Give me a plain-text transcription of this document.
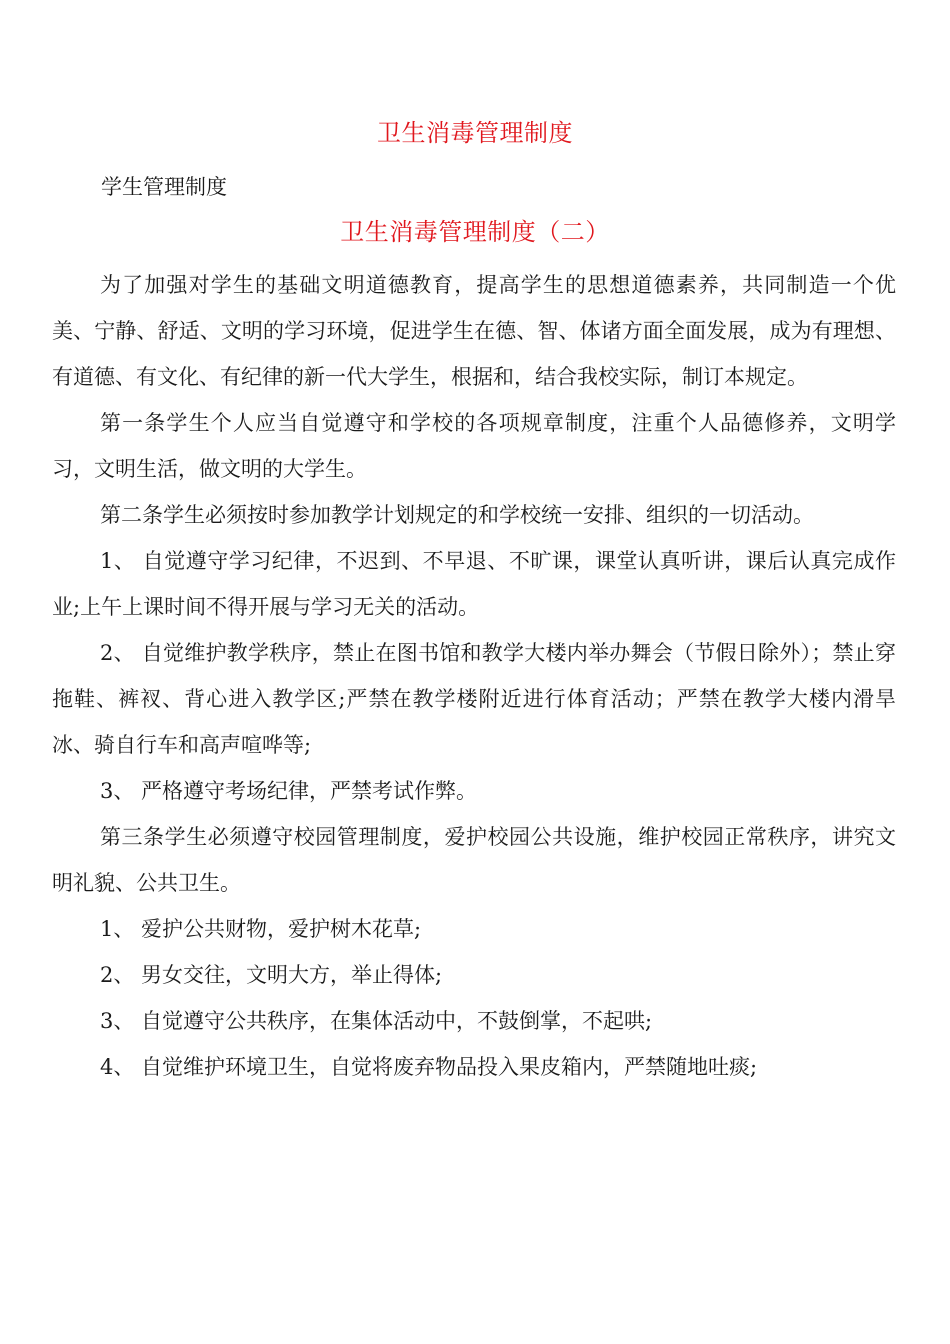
卫生消毒管理制度
学生管理制度
卫生消毒管理制度（二）

为了加强对学生的基础文明道德教育，提高学生的思想道德素养，共同制造一个优美、宁静、舒适、文明的学习环境，促进学生在德、智、体诸方面全面发展，成为有理想、有道德、有文化、有纪律的新一代大学生，根据和，结合我校实际，制订本规定。

第一条学生个人应当自觉遵守和学校的各项规章制度，注重个人品德修养，文明学习，文明生活，做文明的大学生。

第二条学生必须按时参加教学计划规定的和学校统一安排、组织的一切活动。

1、 自觉遵守学习纪律，不迟到、不早退、不旷课，课堂认真听讲，课后认真完成作业;上午上课时间不得开展与学习无关的活动。

2、 自觉维护教学秩序，禁止在图书馆和教学大楼内举办舞会（节假日除外）；禁止穿拖鞋、裤衩、背心进入教学区;严禁在教学楼附近进行体育活动；严禁在教学大楼内滑旱冰、骑自行车和高声喧哗等;

3、 严格遵守考场纪律，严禁考试作弊。

第三条学生必须遵守校园管理制度，爱护校园公共设施，维护校园正常秩序，讲究文明礼貌、公共卫生。

1、 爱护公共财物，爱护树木花草;

2、 男女交往，文明大方，举止得体;

3、 自觉遵守公共秩序，在集体活动中，不鼓倒掌，不起哄;

4、 自觉维护环境卫生，自觉将废弃物品投入果皮箱内，严禁随地吐痰;
